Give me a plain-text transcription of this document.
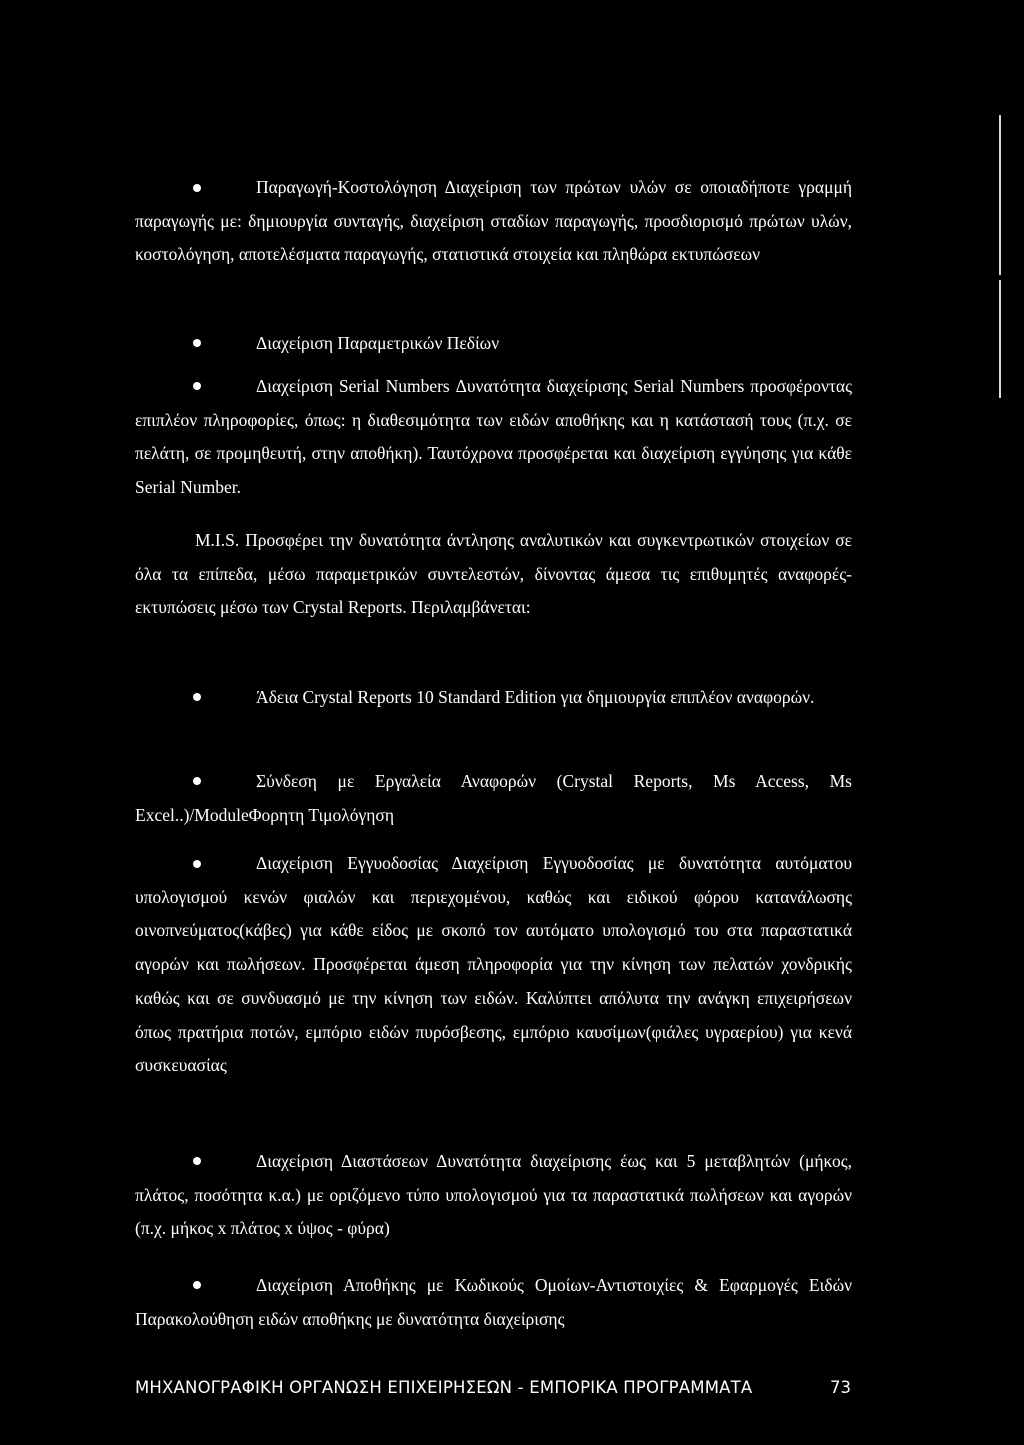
Παραγωγή-Κοστολόγηση Διαχείριση των πρώτων υλών σε οποιαδήποτε γραμμή παραγωγής με: δημιουργία συνταγής, διαχείριση σταδίων παραγωγής, προσδιορισμό πρώτων υλών, κοστολόγηση, αποτελέσματα παραγωγής, στατιστικά στοιχεία και πληθώρα εκτυπώσεων

Διαχείριση Παραμετρικών Πεδίων

Διαχείριση Serial Numbers Δυνατότητα διαχείρισης Serial Numbers προσφέροντας επιπλέον πληροφορίες, όπως: η διαθεσιμότητα των ειδών αποθήκης και η κατάστασή τους (π.χ. σε πελάτη, σε προμηθευτή, στην αποθήκη). Ταυτόχρονα προσφέρεται και διαχείριση εγγύησης για κάθε Serial Number.

M.I.S. Προσφέρει την δυνατότητα άντλησης αναλυτικών και συγκεντρωτικών στοιχείων σε όλα τα επίπεδα, μέσω παραμετρικών συντελεστών, δίνοντας άμεσα τις επιθυμητές αναφορές-εκτυπώσεις μέσω των Crystal Reports. Περιλαμβάνεται:

Άδεια Crystal Reports 10 Standard Edition για δημιουργία επιπλέον αναφορών.

Σύνδεση με Εργαλεία Αναφορών (Crystal Reports, Ms Access, Ms Excel..)/ModuleΦορητη Τιμολόγηση

Διαχείριση Εγγυοδοσίας Διαχείριση Εγγυοδοσίας με δυνατότητα αυτόματου υπολογισμού κενών φιαλών και περιεχομένου, καθώς και ειδικού φόρου κατανάλωσης οινοπνεύματος(κάβες) για κάθε είδος με σκοπό τον αυτόματο υπολογισμό του στα παραστατικά αγορών και πωλήσεων. Προσφέρεται άμεση πληροφορία για την κίνηση των πελατών χονδρικής καθώς και σε συνδυασμό με την κίνηση των ειδών. Καλύπτει απόλυτα την ανάγκη επιχειρήσεων όπως πρατήρια ποτών, εμπόριο ειδών πυρόσβεσης, εμπόριο καυσίμων(φιάλες υγραερίου) για κενά συσκευασίας

Διαχείριση Διαστάσεων Δυνατότητα διαχείρισης έως και 5 μεταβλητών (μήκος, πλάτος, ποσότητα κ.α.) με οριζόμενο τύπο υπολογισμού για τα παραστατικά πωλήσεων και αγορών (π.χ. μήκος x πλάτος x ύψος - φύρα)

Διαχείριση Αποθήκης με Κωδικούς Ομοίων-Αντιστοιχίες & Εφαρμογές Ειδών Παρακολούθηση ειδών αποθήκης με δυνατότητα διαχείρισης

ΜΗΧΑΝΟΓΡΑΦΙΚΗ ΟΡΓΑΝΩΣΗ ΕΠΙΧΕΙΡΗΣΕΩΝ - ΕΜΠΟΡΙΚΑ ΠΡΟΓΡΑΜΜΑΤΑ	73
